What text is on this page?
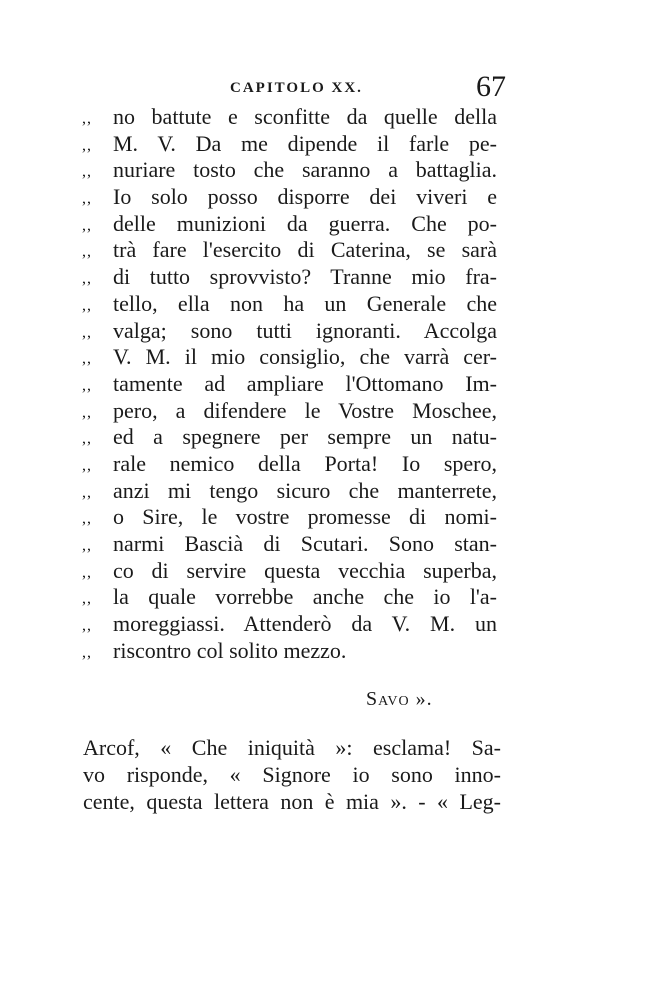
CAPITOLO XX.	67
,, no battute e sconfitte da quelle della
,, M. V. Da me dipende il farle pe-
,, nuriare tosto che saranno a battaglia.
,, Io solo posso disporre dei viveri e
,, delle munizioni da guerra. Che po-
,, trà fare l'esercito di Caterina, se sarà
,, di tutto sprovvisto? Tranne mio fra-
,, tello, ella non ha un Generale che
,, valga; sono tutti ignoranti. Accolga
,, V. M. il mio consiglio, che varrà cer-
,, tamente ad ampliare l'Ottomano Im-
,, pero, a difendere le Vostre Moschee,
,, ed a spegnere per sempre un natu-
,, rale nemico della Porta! Io spero,
,, anzi mi tengo sicuro che manterrete,
,, o Sire, le vostre promesse di nomi-
,, narmi Bascià di Scutari. Sono stan-
,, co di servire questa vecchia superba,
,, la quale vorrebbe anche che io l'a-
,, moreggiassi. Attenderò da V. M. un
,, riscontro col solito mezzo.
Savo ».
Arcof, « Che iniquità »: esclama! Sa-
vo risponde, « Signore io sono inno-
cente, questa lettera non è mia ». - « Leg-
